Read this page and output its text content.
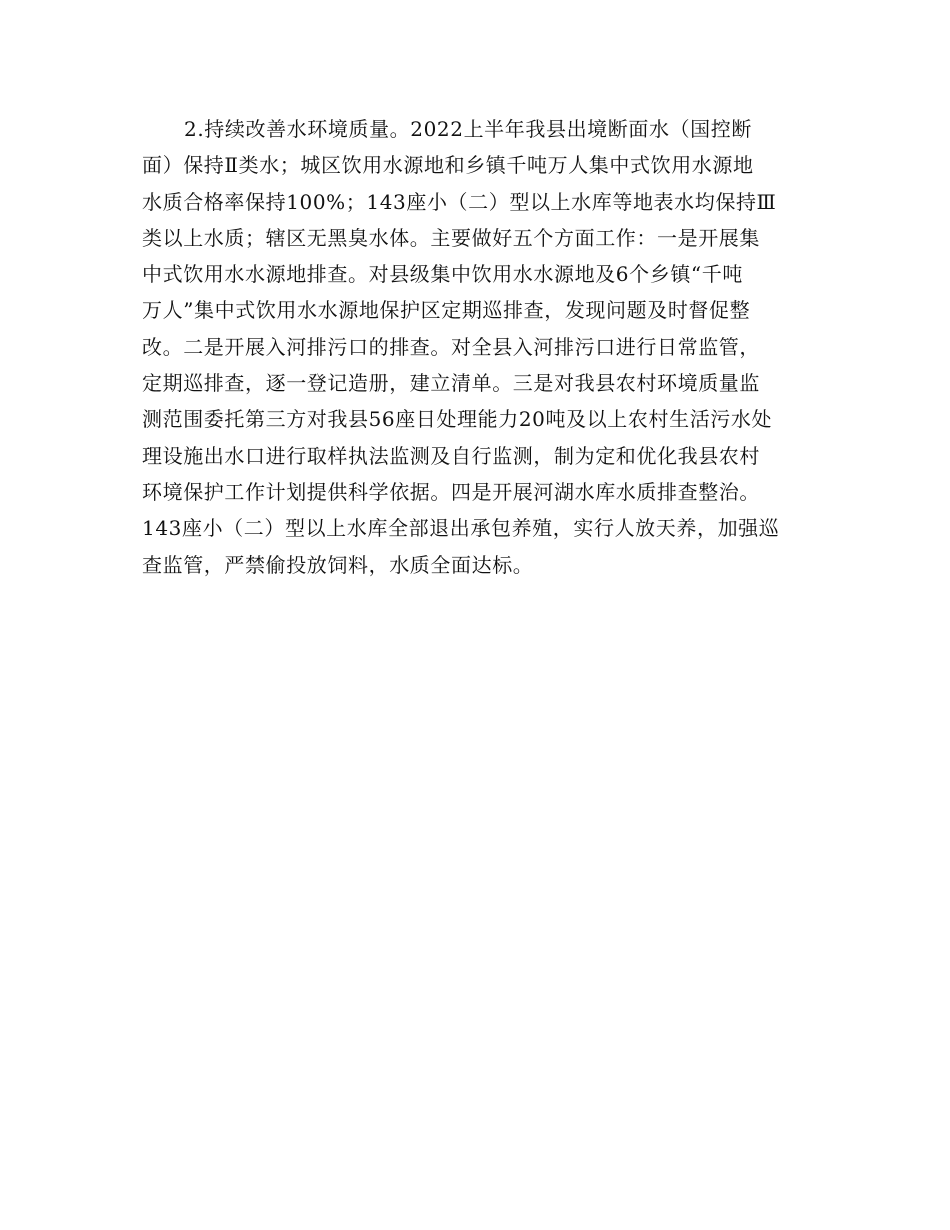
2.持续改善水环境质量。2022上半年我县出境断面水（国控断
面）保持Ⅱ类水；城区饮用水源地和乡镇千吨万人集中式饮用水源地
水质合格率保持100%；143座小（二）型以上水库等地表水均保持Ⅲ
类以上水质；辖区无黑臭水体。主要做好五个方面工作：一是开展集
中式饮用水水源地排查。对县级集中饮用水水源地及6个乡镇“千吨
万人”集中式饮用水水源地保护区定期巡排查，发现问题及时督促整
改。二是开展入河排污口的排查。对全县入河排污口进行日常监管，
定期巡排查，逐一登记造册，建立清单。三是对我县农村环境质量监
测范围委托第三方对我县56座日处理能力20吨及以上农村生活污水处
理设施出水口进行取样执法监测及自行监测，制为定和优化我县农村
环境保护工作计划提供科学依据。四是开展河湖水库水质排查整治。
143座小（二）型以上水库全部退出承包养殖，实行人放天养，加强巡
查监管，严禁偷投放饲料，水质全面达标。
